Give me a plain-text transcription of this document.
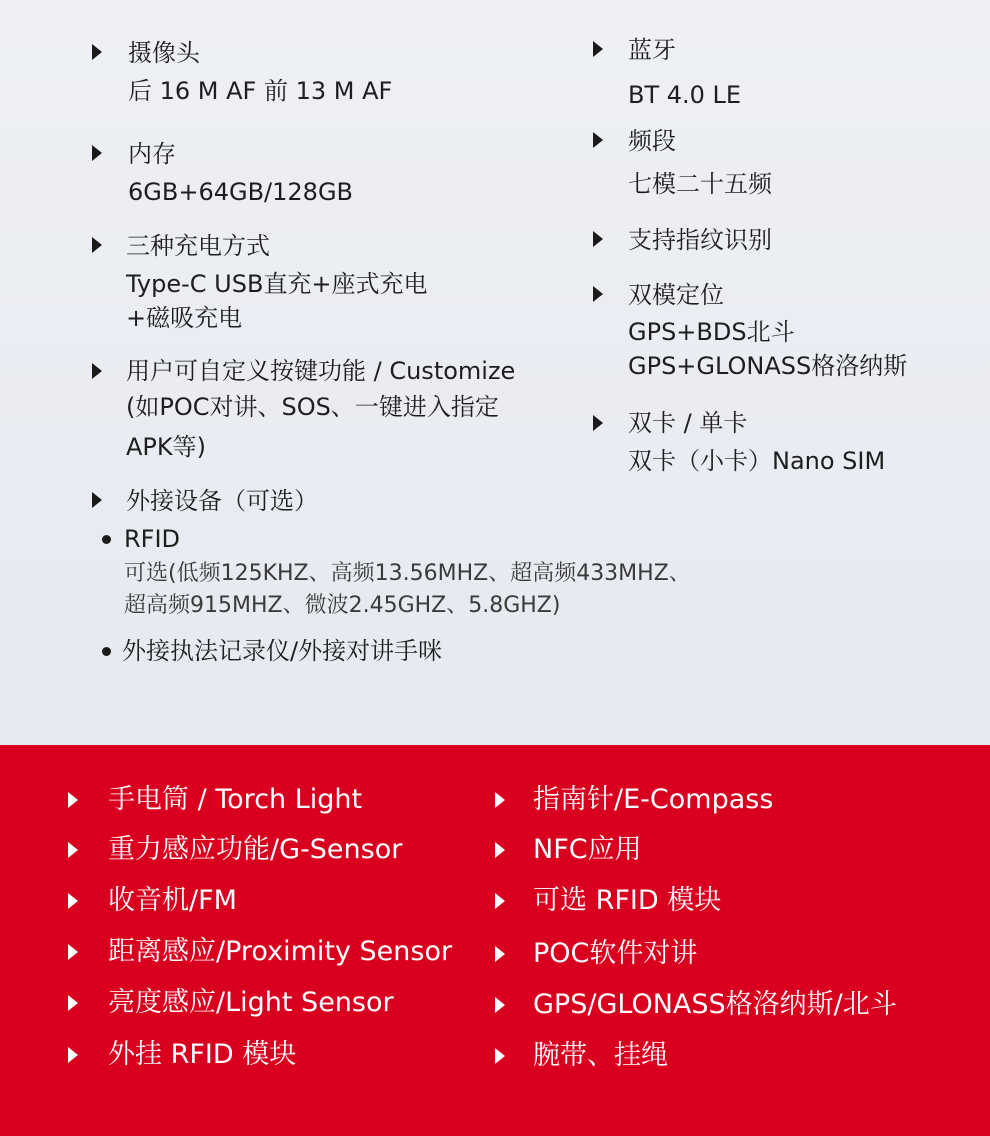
摄像头
后 16 M AF 前 13 M AF
内存
6GB+64GB/128GB
三种充电方式
Type-C USB直充+座式充电
+磁吸充电
用户可自定义按键功能 / Customize
(如POC对讲、SOS、一键进入指定
APK等)
外接设备（可选）
RFID
可选(低频125KHZ、高频13.56MHZ、超高频433MHZ、
超高频915MHZ、微波2.45GHZ、5.8GHZ)
外接执法记录仪/外接对讲手咪
蓝牙
BT 4.0 LE
频段
七模二十五频
支持指纹识别
双模定位
GPS+BDS北斗
GPS+GLONASS格洛纳斯
双卡 / 单卡
双卡（小卡）Nano SIM
手电筒 / Torch Light
重力感应功能/G-Sensor
收音机/FM
距离感应/Proximity Sensor
亮度感应/Light Sensor
外挂 RFID 模块
指南针/E-Compass
NFC应用
可选 RFID 模块
POC软件对讲
GPS/GLONASS格洛纳斯/北斗
腕带、挂绳
